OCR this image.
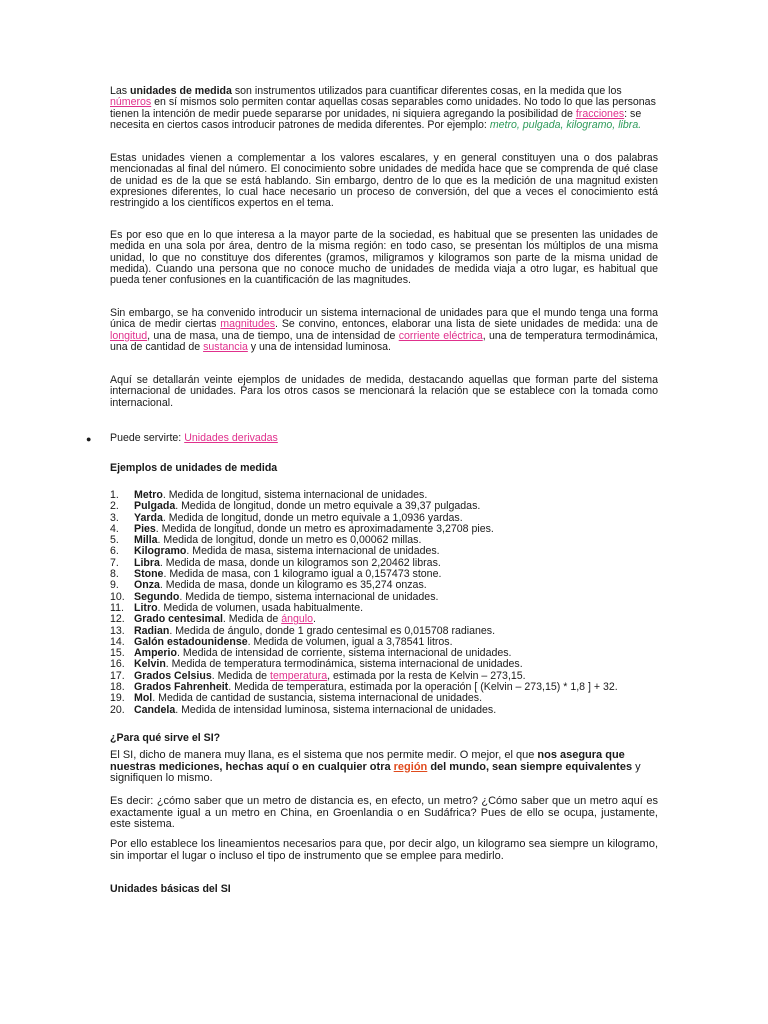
Las unidades de medida son instrumentos utilizados para cuantificar diferentes cosas, en la medida que los números en sí mismos solo permiten contar aquellas cosas separables como unidades. No todo lo que las personas tienen la intención de medir puede separarse por unidades, ni siquiera agregando la posibilidad de fracciones: se necesita en ciertos casos introducir patrones de medida diferentes. Por ejemplo: metro, pulgada, kilogramo, libra.

Estas unidades vienen a complementar a los valores escalares, y en general constituyen una o dos palabras mencionadas al final del número. El conocimiento sobre unidades de medida hace que se comprenda de qué clase de unidad es de la que se está hablando. Sin embargo, dentro de lo que es la medición de una magnitud existen expresiones diferentes, lo cual hace necesario un proceso de conversión, del que a veces el conocimiento está restringido a los científicos expertos en el tema.

Es por eso que en lo que interesa a la mayor parte de la sociedad, es habitual que se presenten las unidades de medida en una sola por área, dentro de la misma región: en todo caso, se presentan los múltiplos de una misma unidad, lo que no constituye dos diferentes (gramos, miligramos y kilogramos son parte de la misma unidad de medida). Cuando una persona que no conoce mucho de unidades de medida viaja a otro lugar, es habitual que pueda tener confusiones en la cuantificación de las magnitudes.

Sin embargo, se ha convenido introducir un sistema internacional de unidades para que el mundo tenga una forma única de medir ciertas magnitudes. Se convino, entonces, elaborar una lista de siete unidades de medida: una de longitud, una de masa, una de tiempo, una de intensidad de corriente eléctrica, una de temperatura termodinámica, una de cantidad de sustancia y una de intensidad luminosa.

Aquí se detallarán veinte ejemplos de unidades de medida, destacando aquellas que forman parte del sistema internacional de unidades. Para los otros casos se mencionará la relación que se establece con la tomada como internacional.

● Puede servirte: Unidades derivadas

Ejemplos de unidades de medida

1. Metro. Medida de longitud, sistema internacional de unidades.
2. Pulgada. Medida de longitud, donde un metro equivale a 39,37 pulgadas.
3. Yarda. Medida de longitud, donde un metro equivale a 1,0936 yardas.
4. Pies. Medida de longitud, donde un metro es aproximadamente 3,2708 pies.
5. Milla. Medida de longitud, donde un metro es 0,00062 millas.
6. Kilogramo. Medida de masa, sistema internacional de unidades.
7. Libra. Medida de masa, donde un kilogramos son 2,20462 libras.
8. Stone. Medida de masa, con 1 kilogramo igual a 0,157473 stone.
9. Onza. Medida de masa, donde un kilogramo es 35,274 onzas.
10. Segundo. Medida de tiempo, sistema internacional de unidades.
11. Litro. Medida de volumen, usada habitualmente.
12. Grado centesimal. Medida de ángulo.
13. Radian. Medida de ángulo, donde 1 grado centesimal es 0,015708 radianes.
14. Galón estadounidense. Medida de volumen, igual a 3,78541 litros.
15. Amperio. Medida de intensidad de corriente, sistema internacional de unidades.
16. Kelvin. Medida de temperatura termodinámica, sistema internacional de unidades.
17. Grados Celsius. Medida de temperatura, estimada por la resta de Kelvin – 273,15.
18. Grados Fahrenheit. Medida de temperatura, estimada por la operación [ (Kelvin – 273,15) * 1,8 ] + 32.
19. Mol. Medida de cantidad de sustancia, sistema internacional de unidades.
20. Candela. Medida de intensidad luminosa, sistema internacional de unidades.

¿Para qué sirve el SI?

El SI, dicho de manera muy llana, es el sistema que nos permite medir. O mejor, el que nos asegura que nuestras mediciones, hechas aquí o en cualquier otra región del mundo, sean siempre equivalentes y signifiquen lo mismo.

Es decir: ¿cómo saber que un metro de distancia es, en efecto, un metro? ¿Cómo saber que un metro aquí es exactamente igual a un metro en China, en Groenlandia o en Sudáfrica? Pues de ello se ocupa, justamente, este sistema.

Por ello establece los lineamientos necesarios para que, por decir algo, un kilogramo sea siempre un kilogramo, sin importar el lugar o incluso el tipo de instrumento que se emplee para medirlo.

Unidades básicas del SI
